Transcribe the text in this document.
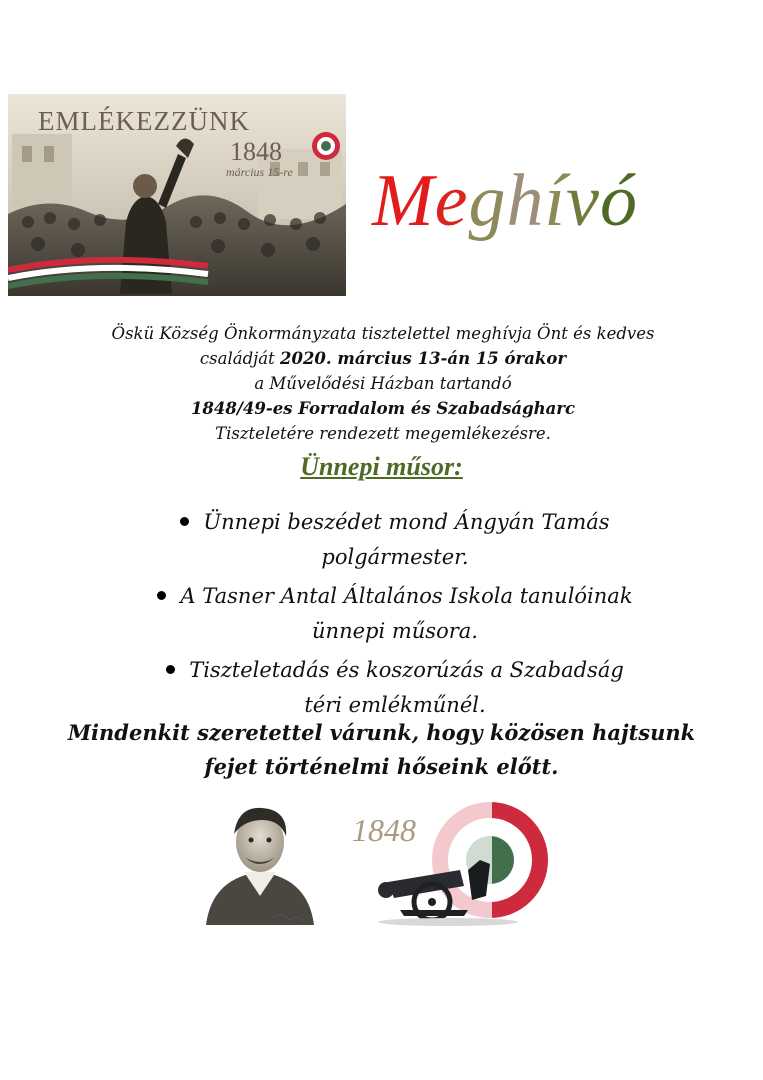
EMLÉKEZZÜNK
1848
március 15-re Meghívó
Öskü Község Önkormányzata tisztelettel meghívja Önt és kedves
családját 2020. március 13-án 15 órakor
a Művelődési Házban tartandó
1848/49-es Forradalom és Szabadságharc
Tiszteletére rendezett megemlékezésre.
Ünnepi műsor:
Ünnepi beszédet mond Ángyán Tamás polgármester.
A Tasner Antal Általános Iskola tanulóinak ünnepi műsora.
Tiszteletadás és koszorúzás a Szabadság téri emlékműnél.
Mindenkit szeretettel várunk, hogy közösen hajtsunk fejet történelmi hőseink előtt.
1848
